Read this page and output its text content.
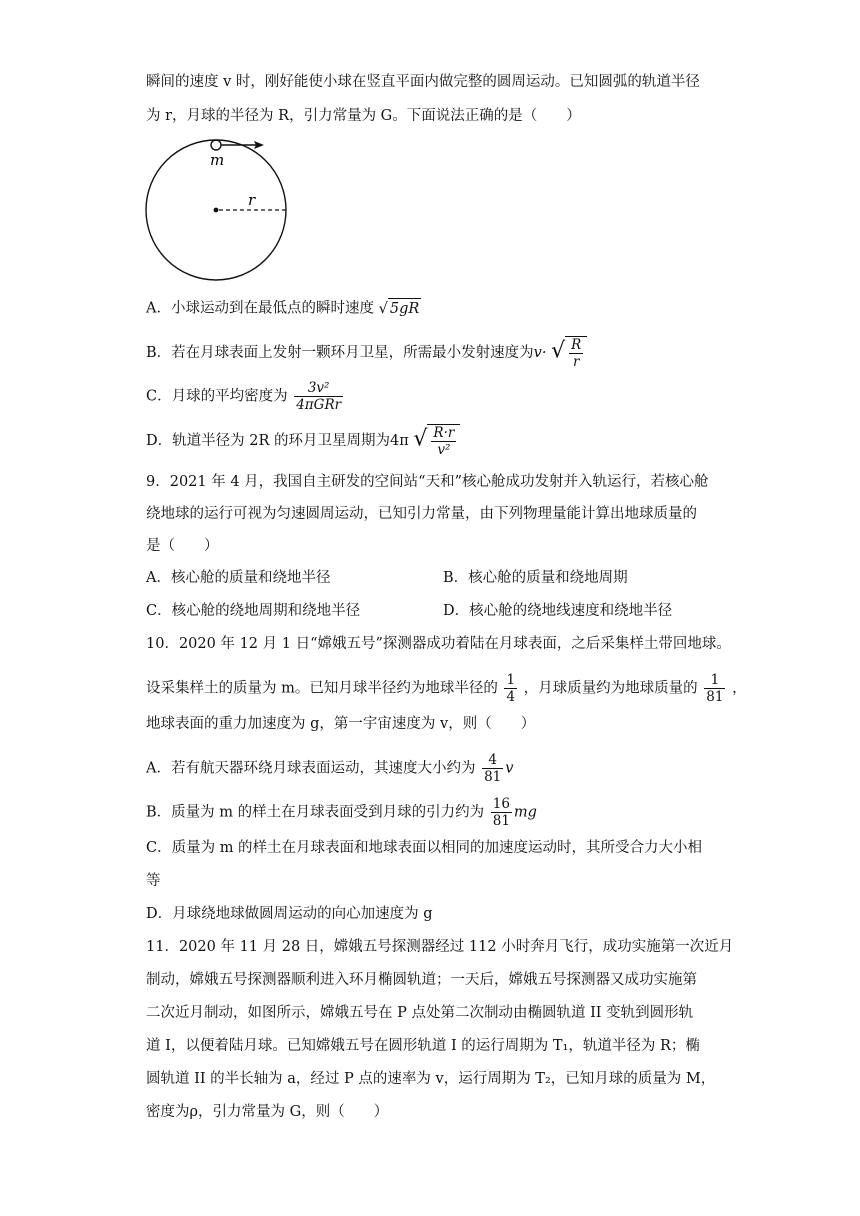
瞬间的速度 v 时，刚好能使小球在竖直平面内做完整的圆周运动。已知圆弧的轨道半径
为 r，月球的半径为 R，引力常量为 G。下面说法正确的是（　　）
m
r
A．小球运动到在最低点的瞬时速度 √ 5gR
B．若在月球表面上发射一颗环月卫星，所需最小发射速度为v· √ $\frac{R}{r}$
C．月球的平均密度为 $\frac{\text{3v²}}{\text{4πGRr}}$
D．轨道半径为 2R 的环月卫星周期为4π √ $\frac{R\cdot r}{\text{v²}}$
9．2021 年 4 月，我国自主研发的空间站“天和”核心舱成功发射并入轨运行，若核心舱
绕地球的运行可视为匀速圆周运动，已知引力常量，由下列物理量能计算出地球质量的
是（　　）
A．核心舱的质量和绕地半径	B．核心舱的质量和绕地周期
C．核心舱的绕地周期和绕地半径	D．核心舱的绕地线速度和绕地半径
10．2020 年 12 月 1 日“嫦娥五号”探测器成功着陆在月球表面，之后采集样土带回地球。
设采集样土的质量为 m。已知月球半径约为地球半径的 $\frac{1}{4}$ ，月球质量约为地球质量的 $\frac{1}{81}$ ，
地球表面的重力加速度为 g，第一宇宙速度为 v，则（　　）
A．若有航天器环绕月球表面运动，其速度大小约为 $\frac{4}{81}$ v
B．质量为 m 的样土在月球表面受到月球的引力约为 $\frac{16}{81}$ mg
C．质量为 m 的样土在月球表面和地球表面以相同的加速度运动时，其所受合力大小相
等
D．月球绕地球做圆周运动的向心加速度为 g
11．2020 年 11 月 28 日，嫦娥五号探测器经过 112 小时奔月飞行，成功实施第一次近月
制动，嫦娥五号探测器顺利进入环月椭圆轨道；一天后，嫦娥五号探测器又成功实施第
二次近月制动，如图所示，嫦娥五号在 P 点处第二次制动由椭圆轨道 II 变轨到圆形轨
道 I，以便着陆月球。已知嫦娥五号在圆形轨道 I 的运行周期为 T₁，轨道半径为 R；椭
圆轨道 II 的半长轴为 a，经过 P 点的速率为 v，运行周期为 T₂，已知月球的质量为 M，
密度为ρ，引力常量为 G，则（　　）
